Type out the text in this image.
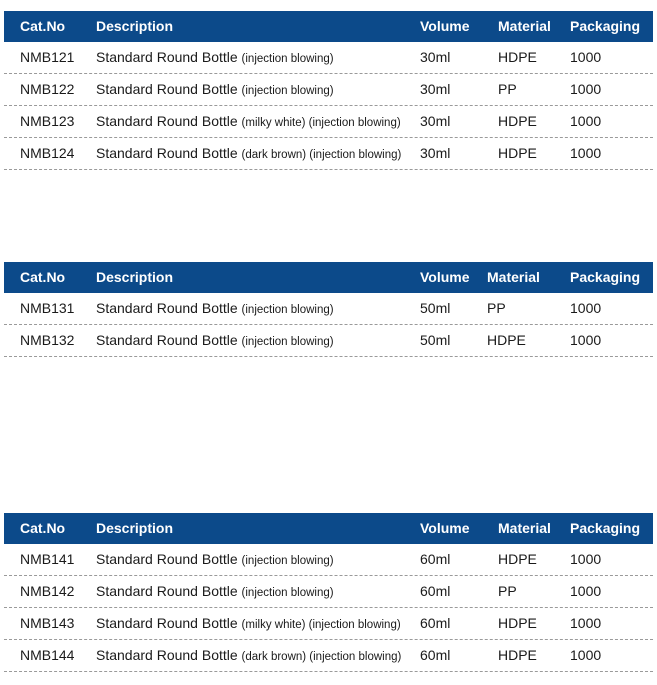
Cat.No Description	Volume Material Packaging
NMB121 Standard Round Bottle (injection blowing)	30ml	HDPE 1000
NMB122 Standard Round Bottle (injection blowing)	30ml	PP	1000
NMB123 Standard Round Bottle (milky white) (injection blowing) 30ml	HDPE 1000
NMB124 Standard Round Bottle (dark brown) (injection blowing) 30ml	HDPE 1000
Cat.No Description	Volume Material Packaging
NMB131 Standard Round Bottle (injection blowing)	50ml	PP	1000
NMB132 Standard Round Bottle (injection blowing)	50ml	HDPE	1000
Cat.No Description	Volume Material Packaging
NMB141 Standard Round Bottle (injection blowing)	60ml	HDPE 1000
NMB142 Standard Round Bottle (injection blowing)	60ml	PP	1000
NMB143 Standard Round Bottle (milky white) (injection blowing) 60ml	HDPE 1000
NMB144 Standard Round Bottle (dark brown) (injection blowing) 60ml	HDPE 1000
